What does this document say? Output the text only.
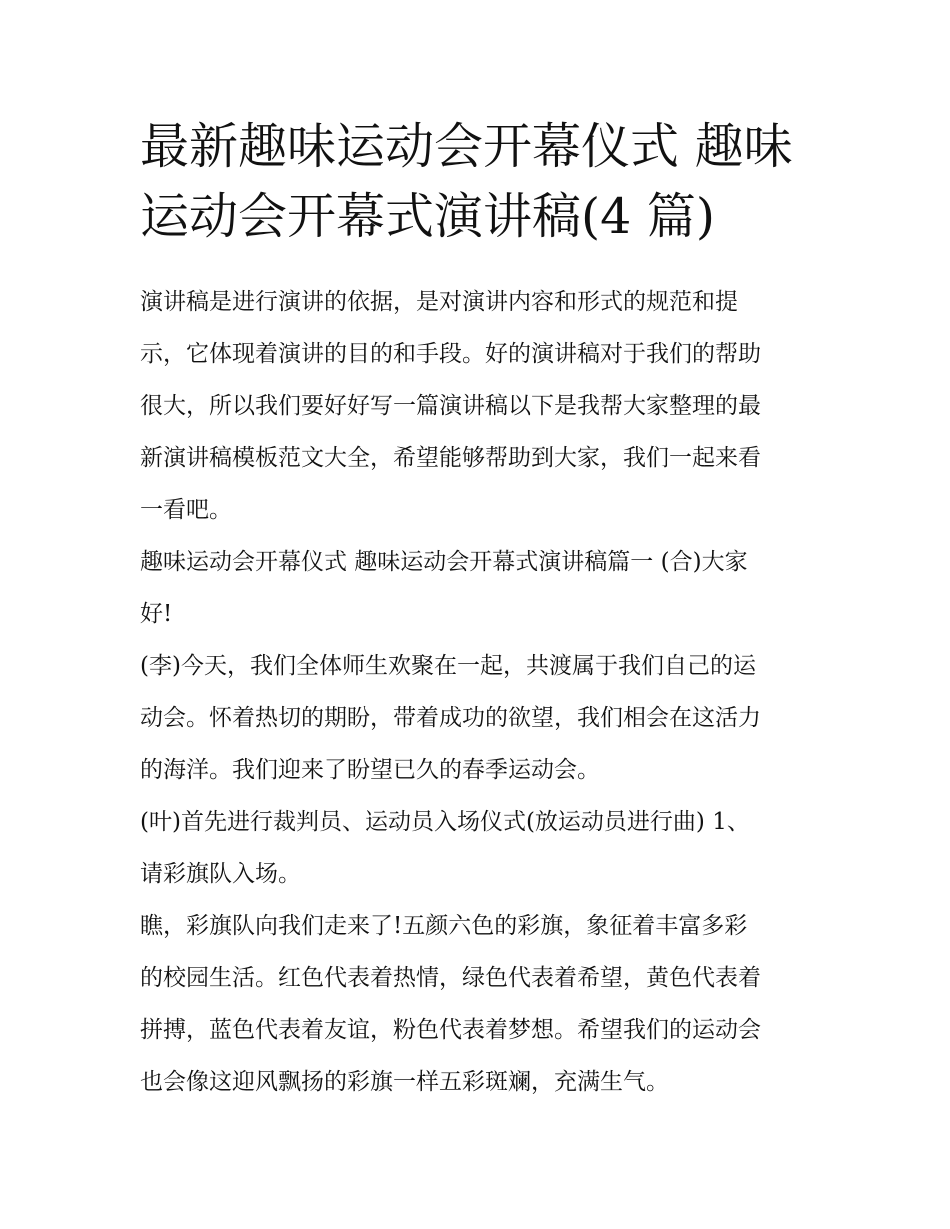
最新趣味运动会开幕仪式 趣味
运动会开幕式演讲稿(4 篇)

演讲稿是进行演讲的依据，是对演讲内容和形式的规范和提
示，它体现着演讲的目的和手段。好的演讲稿对于我们的帮助
很大，所以我们要好好写一篇演讲稿以下是我帮大家整理的最
新演讲稿模板范文大全，希望能够帮助到大家，我们一起来看
一看吧。

趣味运动会开幕仪式 趣味运动会开幕式演讲稿篇一 (合)大家
好!

(李)今天，我们全体师生欢聚在一起，共渡属于我们自己的运
动会。怀着热切的期盼，带着成功的欲望，我们相会在这活力
的海洋。我们迎来了盼望已久的春季运动会。

(叶)首先进行裁判员、运动员入场仪式(放运动员进行曲) 1、
请彩旗队入场。

瞧，彩旗队向我们走来了!五颜六色的彩旗，象征着丰富多彩
的校园生活。红色代表着热情，绿色代表着希望，黄色代表着
拼搏，蓝色代表着友谊，粉色代表着梦想。希望我们的运动会
也会像这迎风飘扬的彩旗一样五彩斑斓，充满生气。
